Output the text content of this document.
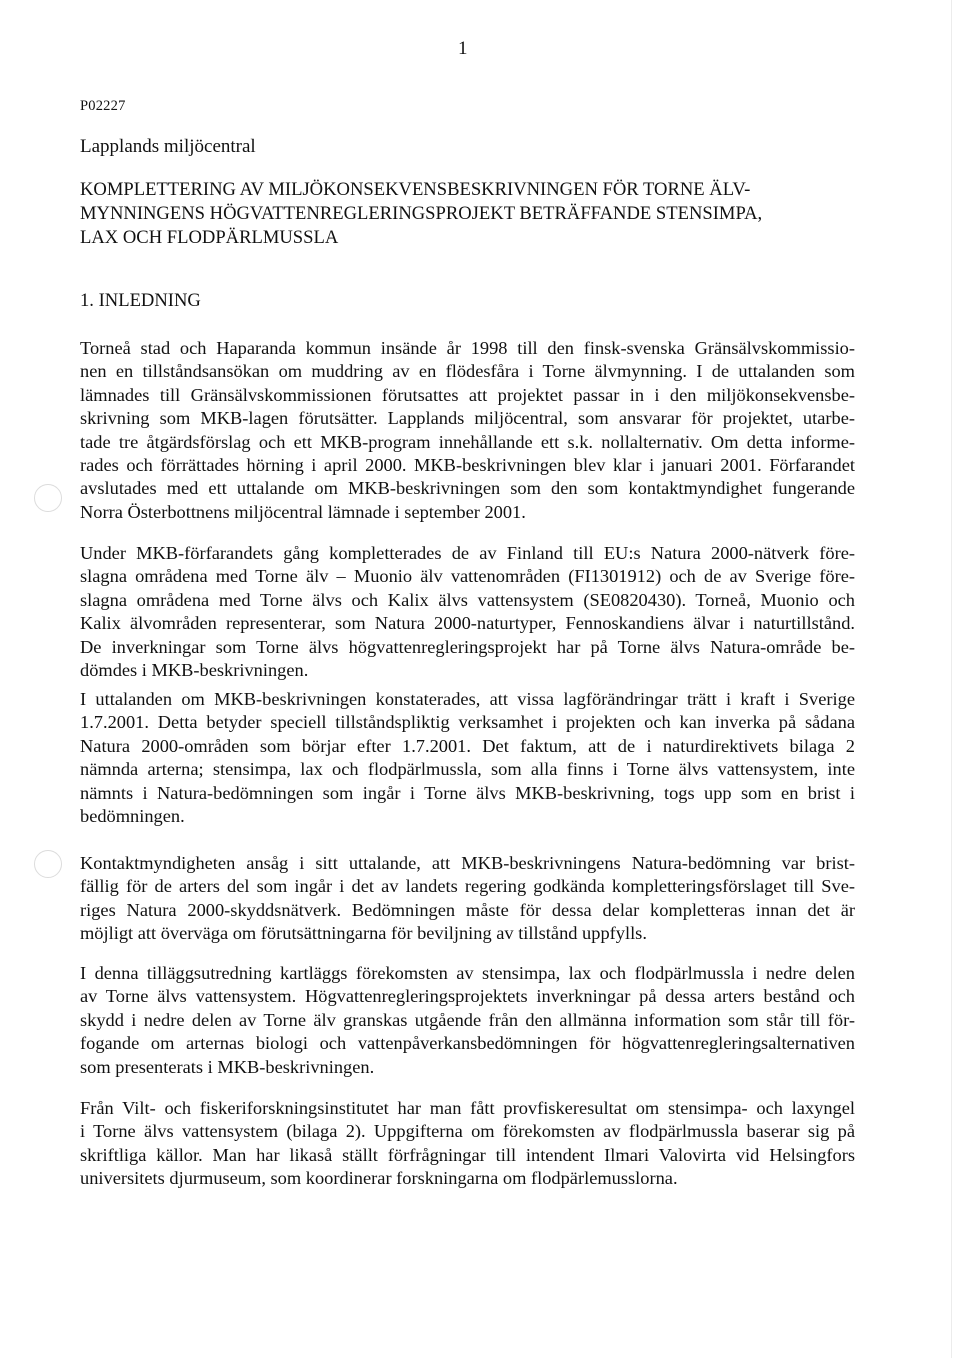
1
P02227
Lapplands miljöcentral
KOMPLETTERING AV MILJÖKONSEKVENSBESKRIVNINGEN FÖR TORNE ÄLV-
MYNNINGENS HÖGVATTENREGLERINGSPROJEKT BETRÄFFANDE STENSIMPA,
LAX OCH FLODPÄRLMUSSLA
1. INLEDNING

Torneå stad och Haparanda kommun insände år 1998 till den finsk-svenska Gränsälvskommissio-
nen en tillståndsansökan om muddring av en flödesfåra i Torne älvmynning. I de uttalanden som
lämnades till Gränsälvskommissionen förutsattes att projektet passar in i den miljökonsekvensbe-
skrivning som MKB-lagen förutsätter. Lapplands miljöcentral, som ansvarar för projektet, utarbe-
tade tre åtgärdsförslag och ett MKB-program innehållande ett s.k. nollalternativ. Om detta informe-
rades och förrättades hörning i april 2000. MKB-beskrivningen blev klar i januari 2001. Förfarandet
avslutades med ett uttalande om MKB-beskrivningen som den som kontaktmyndighet fungerande
Norra Österbottnens miljöcentral lämnade i september 2001.

Under MKB-förfarandets gång kompletterades de av Finland till EU:s Natura 2000-nätverk före-
slagna områdena med Torne älv – Muonio älv vattenområden (FI1301912) och de av Sverige före-
slagna områdena med Torne älvs och Kalix älvs vattensystem (SE0820430). Torneå, Muonio och
Kalix älvområden representerar, som Natura 2000-naturtyper, Fennoskandiens älvar i naturtillstånd.
De inverkningar som Torne älvs högvattenregleringsprojekt har på Torne älvs Natura-område be-
dömdes i MKB-beskrivningen.

I uttalanden om MKB-beskrivningen konstaterades, att vissa lagförändringar trätt i kraft i Sverige
1.7.2001. Detta betyder speciell tillståndspliktig verksamhet i projekten och kan inverka på sådana
Natura 2000-områden som börjar efter 1.7.2001. Det faktum, att de i naturdirektivets bilaga 2
nämnda arterna; stensimpa, lax och flodpärlmussla, som alla finns i Torne älvs vattensystem, inte
nämnts i Natura-bedömningen som ingår i Torne älvs MKB-beskrivning, togs upp som en brist i
bedömningen.

Kontaktmyndigheten ansåg i sitt uttalande, att MKB-beskrivningens Natura-bedömning var brist-
fällig för de arters del som ingår i det av landets regering godkända kompletteringsförslaget till Sve-
riges Natura 2000-skyddsnätverk. Bedömningen måste för dessa delar kompletteras innan det är
möjligt att överväga om förutsättningarna för beviljning av tillstånd uppfylls.

I denna tilläggsutredning kartläggs förekomsten av stensimpa, lax och flodpärlmussla i nedre delen
av Torne älvs vattensystem. Högvattenregleringsprojektets inverkningar på dessa arters bestånd och
skydd i nedre delen av Torne älv granskas utgående från den allmänna information som står till för-
fogande om arternas biologi och vattenpåverkansbedömningen för högvattenregleringsalternativen
som presenterats i MKB-beskrivningen.

Från Vilt- och fiskeriforskningsinstitutet har man fått provfiskeresultat om stensimpa- och laxyngel
i Torne älvs vattensystem (bilaga 2). Uppgifterna om förekomsten av flodpärlmussla baserar sig på
skriftliga källor. Man har likaså ställt förfrågningar till intendent Ilmari Valovirta vid Helsingfors
universitets djurmuseum, som koordinerar forskningarna om flodpärlemusslorna.
